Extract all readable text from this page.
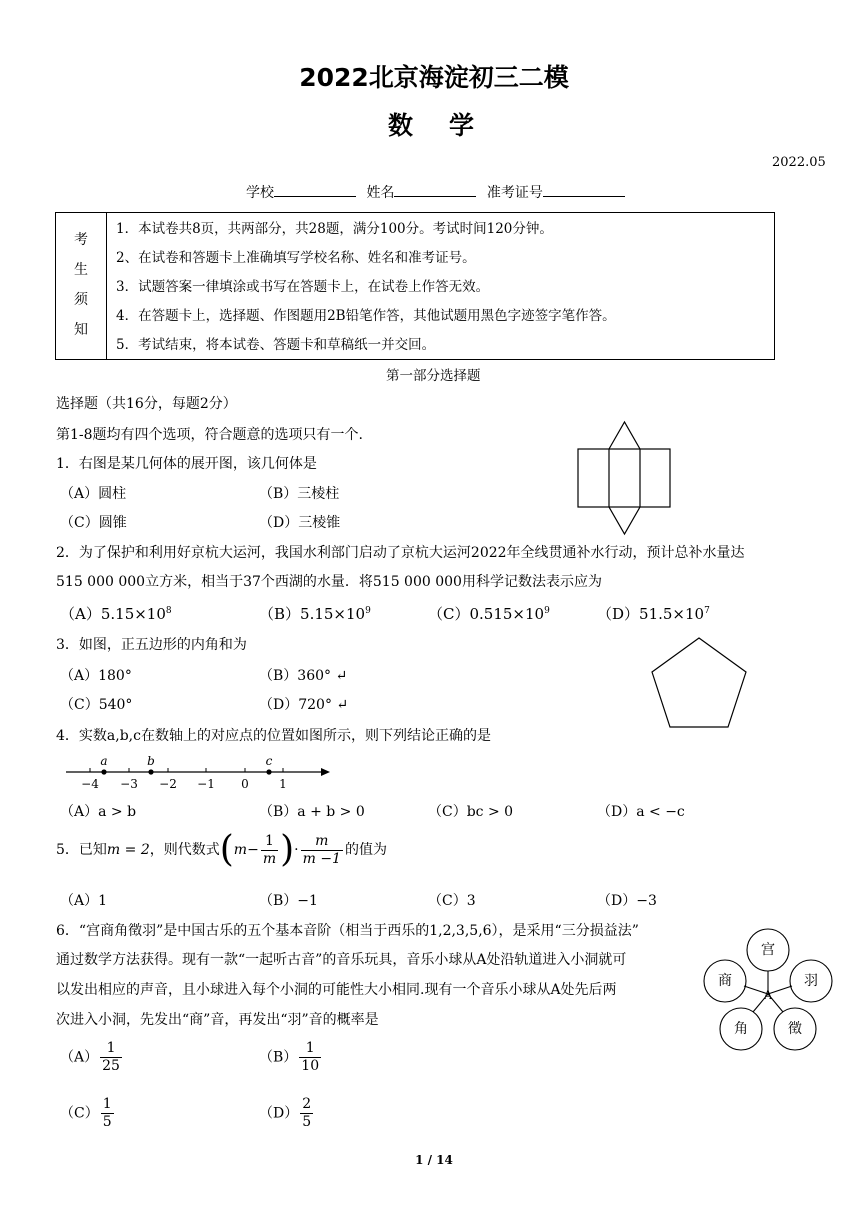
2022北京海淀初三二模
数学
2022.05
学校	姓名	准考证号
考
生
须
知
1．本试卷共8页，共两部分，共28题，满分100分。考试时间120分钟。
2、在试卷和答题卡上准确填写学校名称、姓名和准考证号。
3．试题答案一律填涂或书写在答题卡上，在试卷上作答无效。
4．在答题卡上，选择题、作图题用2B铅笔作答，其他试题用黑色字迹签字笔作答。
5．考试结束，将本试卷、答题卡和草稿纸一并交回。
第一部分选择题
选择题（共16分，每题2分）
第1-8题均有四个选项，符合题意的选项只有一个.
1．右图是某几何体的展开图，该几何体是
（A）圆柱	（B）三棱柱
（C）圆锥	（D）三棱锥
2．为了保护和利用好京杭大运河，我国水利部门启动了京杭大运河2022年全线贯通补水行动，预计总补水量达
515 000 000立方米，相当于37个西湖的水量．将515 000 000用科学记数法表示应为
$(A)5.15\times 10^8$	$(B)5.15\times 10^9$	$(C)0.515\times 10^9$	$(D)51.5\times 10^7$
3．如图，正五边形的内角和为
（A）180°	（B）360° ↵
（C）540°	（D）720° ↵
4．实数a,b,c在数轴上的对应点的位置如图所示，则下列结论正确的是
−4 −3 −2 −1 0	1
a	b	c
（A）a > b	（B）a + b > 0	（C）bc > 0	（D）a < −c
5．已知m = 2，则代数式($m- \frac{1}{m}$ )· $\frac{m}{m -1}$ 的值为
（A）1	（B）−1	（C）3	（D）−3
6．“宫商角徵羽”是中国古乐的五个基本音阶（相当于西乐的1,2,3,5,6），是采用“三分损益法”
通过数学方法获得。现有一款“一起听古音”的音乐玩具，音乐小球从A处沿轨道进入小洞就可
以发出相应的声音，且小球进入每个小洞的可能性大小相同.现有一个音乐小球从A处先后两
次进入小洞，先发出“商”音，再发出“羽”音的概率是
宫
商	羽
角	徵
A
$(A) \frac{1}{25}$	$(B) \frac{1}{10}$
$(C) \frac{1}{5}$	$(D) \frac{2}{5}$
1 / 14
